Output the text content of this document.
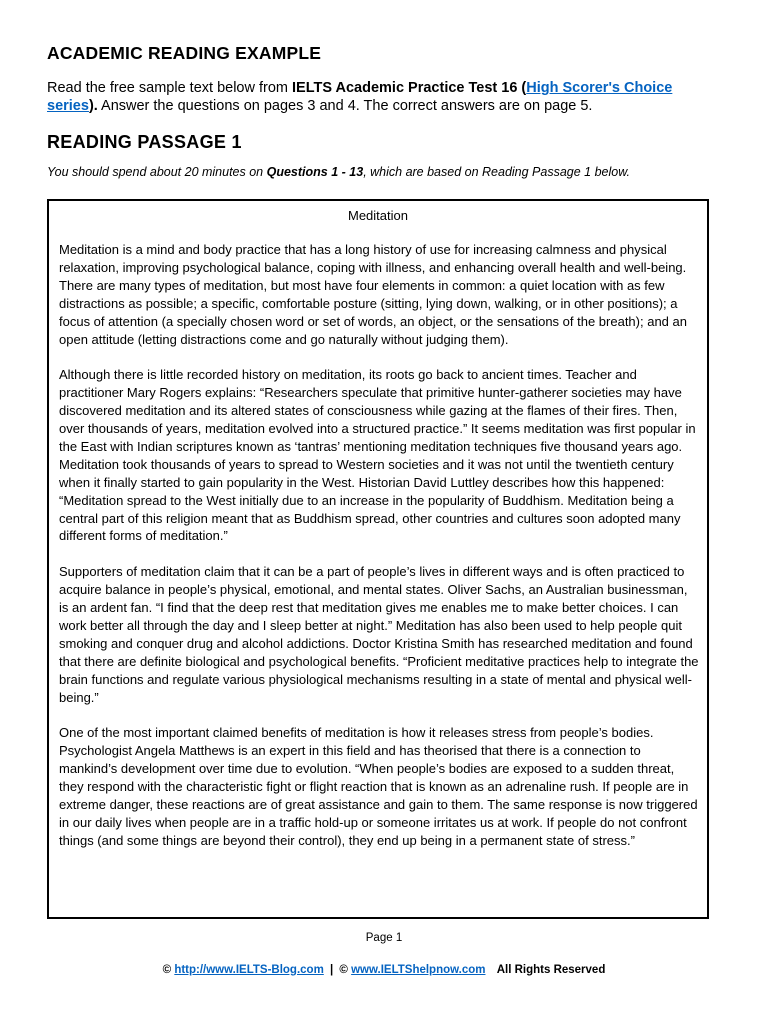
ACADEMIC READING EXAMPLE
Read the free sample text below from IELTS Academic Practice Test 16 (High Scorer's Choice series). Answer the questions on pages 3 and 4. The correct answers are on page 5.
READING PASSAGE 1
You should spend about 20 minutes on Questions 1 - 13, which are based on Reading Passage 1 below.
Meditation

Meditation is a mind and body practice that has a long history of use for increasing calmness and physical relaxation, improving psychological balance, coping with illness, and enhancing overall health and well-being. There are many types of meditation, but most have four elements in common: a quiet location with as few distractions as possible; a specific, comfortable posture (sitting, lying down, walking, or in other positions); a focus of attention (a specially chosen word or set of words, an object, or the sensations of the breath); and an open attitude (letting distractions come and go naturally without judging them).

Although there is little recorded history on meditation, its roots go back to ancient times. Teacher and practitioner Mary Rogers explains: “Researchers speculate that primitive hunter-gatherer societies may have discovered meditation and its altered states of consciousness while gazing at the flames of their fires. Then, over thousands of years, meditation evolved into a structured practice.” It seems meditation was first popular in the East with Indian scriptures known as ‘tantras’ mentioning meditation techniques five thousand years ago. Meditation took thousands of years to spread to Western societies and it was not until the twentieth century when it finally started to gain popularity in the West. Historian David Luttley describes how this happened: “Meditation spread to the West initially due to an increase in the popularity of Buddhism. Meditation being a central part of this religion meant that as Buddhism spread, other countries and cultures soon adopted many different forms of meditation.”

Supporters of meditation claim that it can be a part of people’s lives in different ways and is often practiced to acquire balance in people’s physical, emotional, and mental states. Oliver Sachs, an Australian businessman, is an ardent fan. “I find that the deep rest that meditation gives me enables me to make better choices. I can work better all through the day and I sleep better at night.” Meditation has also been used to help people quit smoking and conquer drug and alcohol addictions. Doctor Kristina Smith has researched meditation and found that there are definite biological and psychological benefits. “Proficient meditative practices help to integrate the brain functions and regulate various physiological mechanisms resulting in a state of mental and physical well-being.”

One of the most important claimed benefits of meditation is how it releases stress from people’s bodies. Psychologist Angela Matthews is an expert in this field and has theorised that there is a connection to mankind’s development over time due to evolution. “When people’s bodies are exposed to a sudden threat, they respond with the characteristic fight or flight reaction that is known as an adrenaline rush. If people are in extreme danger, these reactions are of great assistance and gain to them. The same response is now triggered in our daily lives when people are in a traffic hold-up or someone irritates us at work. If people do not confront things (and some things are beyond their control), they end up being in a permanent state of stress.”

Page 1
© http://www.IELTS-Blog.com | © www.IELTShelpnow.com All Rights Reserved
